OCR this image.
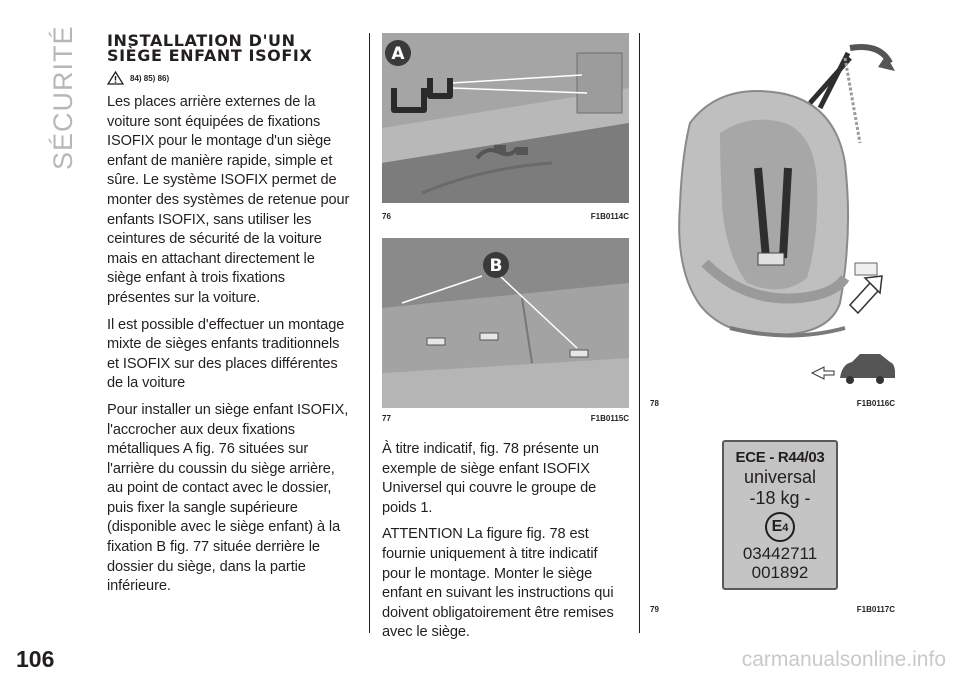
SÉCURITÉ
106	carmanualsonline.info
INSTALLATION D'UN
SIÈGE ENFANT ISOFIX
84) 85) 86)

Les places arrière externes de la voiture sont équipées de fixations ISOFIX pour le montage d'un siège enfant de manière rapide, simple et sûre. Le système ISOFIX permet de monter des systèmes de retenue pour enfants ISOFIX, sans utiliser les ceintures de sécurité de la voiture mais en attachant directement le siège enfant à trois fixations présentes sur la voiture.

Il est possible d'effectuer un montage mixte de sièges enfants traditionnels et ISOFIX sur des places différentes de la voiture

Pour installer un siège enfant ISOFIX, l'accrocher aux deux fixations métalliques A fig. 76 situées sur l'arrière du coussin du siège arrière, au point de contact avec le dossier, puis fixer la sangle supérieure (disponible avec le siège enfant) à la fixation B fig. 77 située derrière le dossier du siège, dans la partie inférieure.

A
76	F1B0114C
B
77	F1B0115C

À titre indicatif, fig. 78 présente un exemple de siège enfant ISOFIX Universel qui couvre le groupe de poids 1.

ATTENTION La figure fig. 78 est fournie uniquement à titre indicatif pour le montage. Monter le siège enfant en suivant les instructions qui doivent obligatoirement être remises avec le siège.

78	F1B0116C
ECE - R44/03
universal
-18 kg -
E4
03442711
001892
79	F1B0117C
